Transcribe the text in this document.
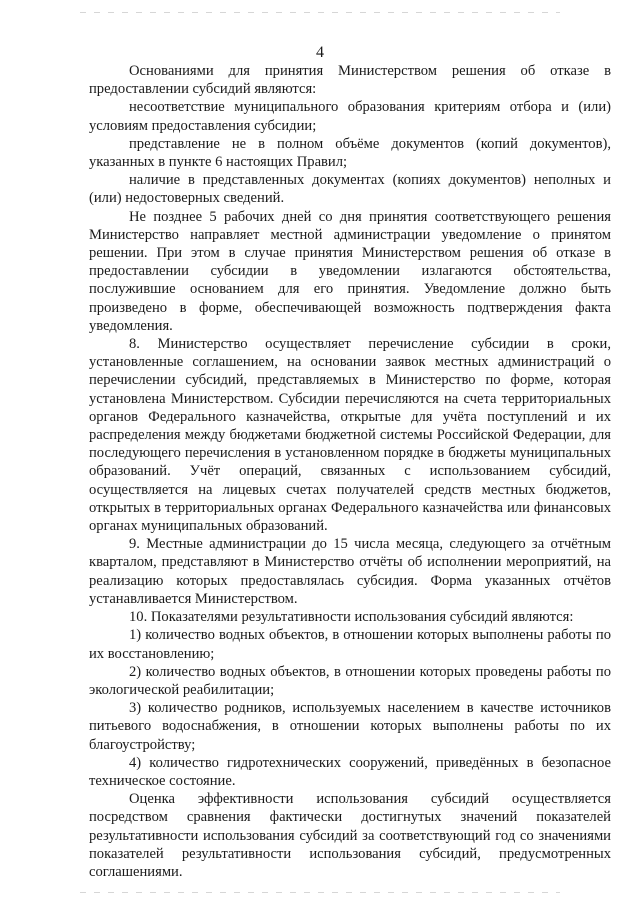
4

Основаниями для принятия Министерством решения об отказе в предоставлении субсидий являются:

несоответствие муниципального образования критериям отбора и (или) условиям предоставления субсидии;

представление не в полном объёме документов (копий документов), указанных в пункте 6 настоящих Правил;

наличие в представленных документах (копиях документов) неполных и (или) недостоверных сведений.

Не позднее 5 рабочих дней со дня принятия соответствующего решения Министерство направляет местной администрации уведомление о принятом решении. При этом в случае принятия Министерством решения об отказе в предоставлении субсидии в уведомлении излагаются обстоятельства, послужившие основанием для его принятия. Уведомление должно быть произведено в форме, обеспечивающей возможность подтверждения факта уведомления.

8. Министерство осуществляет перечисление субсидии в сроки, установленные соглашением, на основании заявок местных администраций о перечислении субсидий, представляемых в Министерство по форме, которая установлена Министерством. Субсидии перечисляются на счета территориальных органов Федерального казначейства, открытые для учёта поступлений и их распределения между бюджетами бюджетной системы Российской Федерации, для последующего перечисления в установленном порядке в бюджеты муниципальных образований. Учёт операций, связанных с использованием субсидий, осуществляется на лицевых счетах получателей средств местных бюджетов, открытых в территориальных органах Федерального казначейства или финансовых органах муниципальных образований.

9. Местные администрации до 15 числа месяца, следующего за отчётным кварталом, представляют в Министерство отчёты об исполнении мероприятий, на реализацию которых предоставлялась субсидия. Форма указанных отчётов устанавливается Министерством.

10. Показателями результативности использования субсидий являются:

1) количество водных объектов, в отношении которых выполнены работы по их восстановлению;

2) количество водных объектов, в отношении которых проведены работы по экологической реабилитации;

3) количество родников, используемых населением в качестве источников питьевого водоснабжения, в отношении которых выполнены работы по их благоустройству;

4) количество гидротехнических сооружений, приведённых в безопасное техническое состояние.

Оценка эффективности использования субсидий осуществляется посредством сравнения фактически достигнутых значений показателей результативности использования субсидий за соответствующий год со значениями показателей результативности использования субсидий, предусмотренных соглашениями.
